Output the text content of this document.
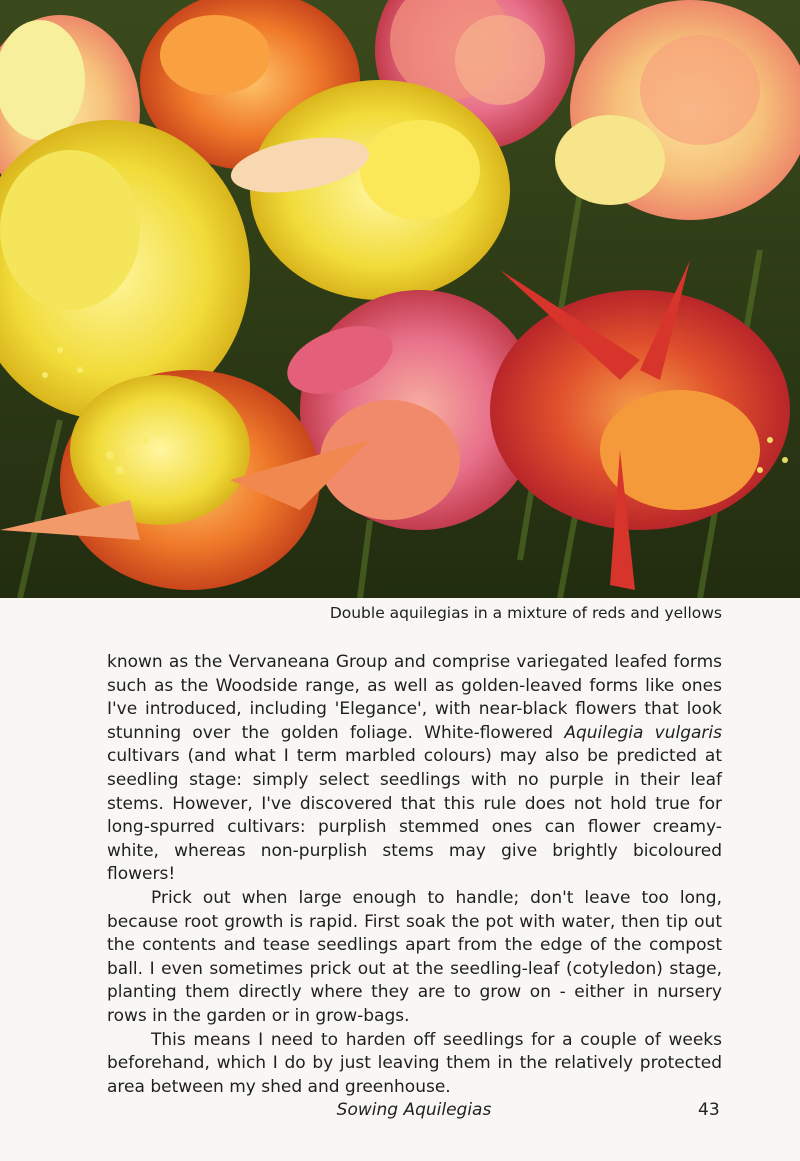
Double aquilegias in a mixture of reds and yellows

known as the Vervaneana Group and comprise variegated leafed forms such as the Woodside range, as well as golden-leaved forms like ones I've introduced, including 'Elegance', with near-black flowers that look stunning over the golden foliage. White-flowered Aquilegia vulgaris cultivars (and what I term marbled colours) may also be predicted at seedling stage: simply select seedlings with no purple in their leaf stems. However, I've discovered that this rule does not hold true for long-spurred cultivars: purplish stemmed ones can flower creamy-white, whereas non-purplish stems may give brightly bicoloured flowers!

Prick out when large enough to handle; don't leave too long, because root growth is rapid. First soak the pot with water, then tip out the contents and tease seedlings apart from the edge of the compost ball. I even sometimes prick out at the seedling-leaf (cotyledon) stage, planting them directly where they are to grow on - either in nursery rows in the garden or in grow-bags.

This means I need to harden off seedlings for a couple of weeks beforehand, which I do by just leaving them in the relatively protected area between my shed and greenhouse.

Sowing Aquilegias	43
